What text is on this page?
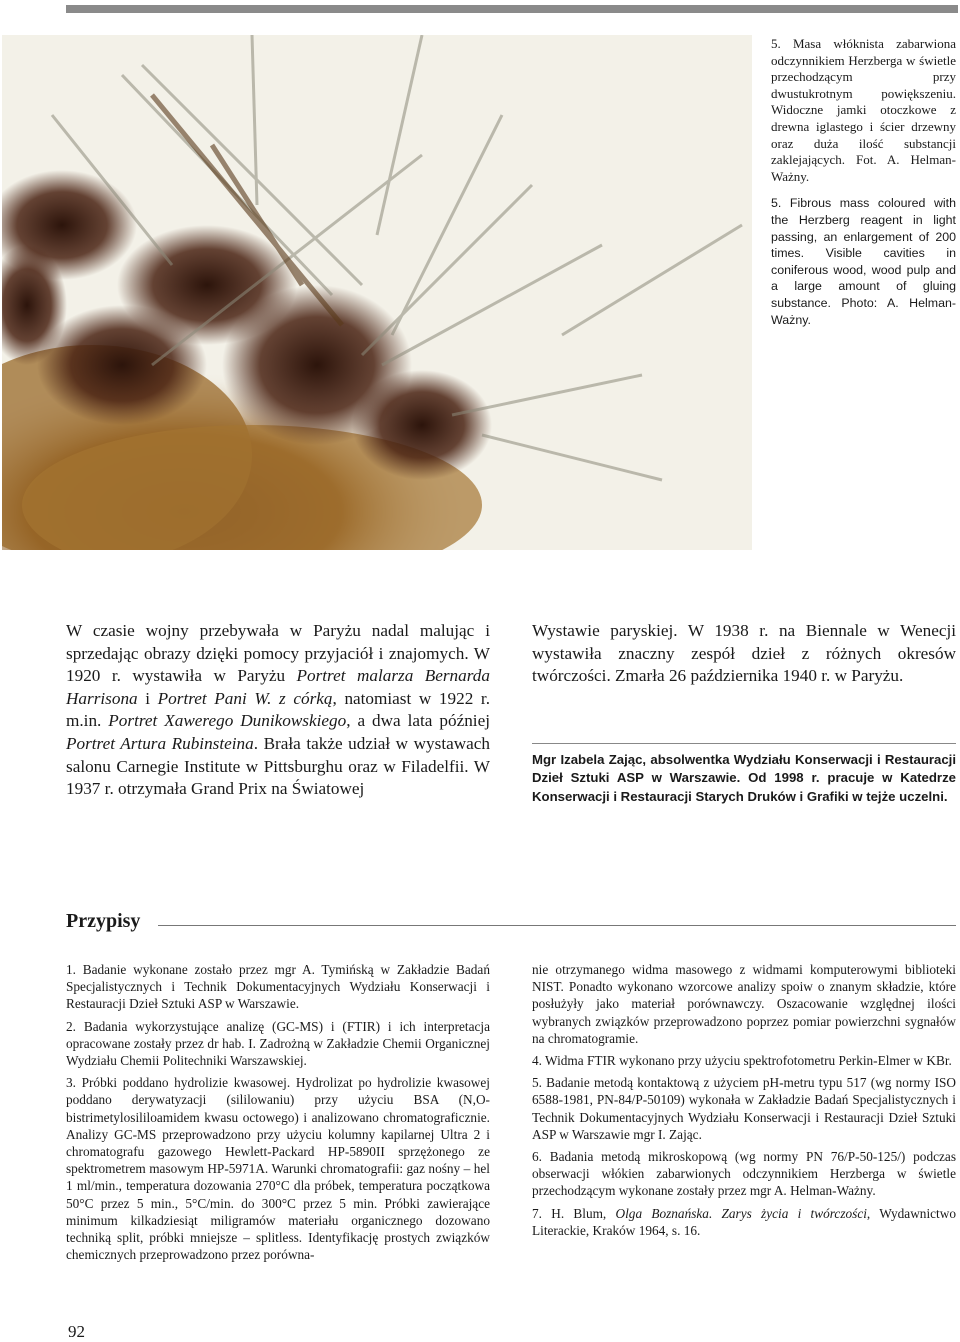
5. Masa włóknista zabarwiona odczynnikiem Herzberga w świetle przechodzącym przy dwustukrotnym powiększeniu. Widoczne jamki otoczkowe z drewna iglastego i ścier drzewny oraz duża ilość substancji zaklejających. Fot. A. Helman-Ważny.

5. Fibrous mass coloured with the Herzberg reagent in light passing, an enlargement of 200 times. Visible cavities in coniferous wood, wood pulp and a large amount of gluing substance. Photo: A. Helman-Ważny.

W czasie wojny przebywała w Paryżu nadal malując i sprzedając obrazy dzięki pomocy przyjaciół i znajomych. W 1920 r. wystawiła w Paryżu Portret malarza Bernarda Harrisona i Portret Pani W. z córką, natomiast w 1922 r. m.in. Portret Xawerego Dunikowskiego, a dwa lata później Portret Artura Rubinsteina. Brała także udział w wystawach salonu Carnegie Institute w Pittsburghu oraz w Filadelfii. W 1937 r. otrzymała Grand Prix na Światowej

Wystawie paryskiej. W 1938 r. na Biennale w Wenecji wystawiła znaczny zespół dzieł z różnych okresów twórczości. Zmarła 26 października 1940 r. w Paryżu.

Mgr Izabela Zając, absolwentka Wydziału Konserwacji i Restauracji Dzieł Sztuki ASP w Warszawie. Od 1998 r. pracuje w Katedrze Konserwacji i Restauracji Starych Druków i Grafiki w tejże uczelni.

Przypisy

1. Badanie wykonane zostało przez mgr A. Tymińską w Zakładzie Badań Specjalistycznych i Technik Dokumentacyjnych Wydziału Konserwacji i Restauracji Dzieł Sztuki ASP w Warszawie.

2. Badania wykorzystujące analizę (GC-MS) i (FTIR) i ich interpretacja opracowane zostały przez dr hab. I. Zadrożną w Zakładzie Chemii Organicznej Wydziału Chemii Politechniki Warszawskiej.

3. Próbki poddano hydrolizie kwasowej. Hydrolizat po hydrolizie kwasowej poddano derywatyzacji (sililowaniu) przy użyciu BSA (N,O-bistrimetylosililoamidem kwasu octowego) i analizowano chromatograficznie. Analizy GC-MS przeprowadzono przy użyciu kolumny kapilarnej Ultra 2 i chromatografu gazowego Hewlett-Packard HP-5890II sprzężonego ze spektrometrem masowym HP-5971A. Warunki chromatografii: gaz nośny – hel 1 ml/min., temperatura dozowania 270°C dla próbek, temperatura początkowa 50°C przez 5 min., 5°C/min. do 300°C przez 5 min. Próbki zawierające minimum kilkadziesiąt miligramów materiału organicznego dozowano techniką split, próbki mniejsze – splitless. Identyfikację prostych związków chemicznych przeprowadzono przez porówna-

nie otrzymanego widma masowego z widmami komputerowymi biblioteki NIST. Ponadto wykonano wzorcowe analizy spoiw o znanym składzie, które posłużyły jako materiał porównawczy. Oszacowanie względnej ilości wybranych związków przeprowadzono poprzez pomiar powierzchni sygnałów na chromatogramie.

4. Widma FTIR wykonano przy użyciu spektrofotometru Perkin-Elmer w KBr.

5. Badanie metodą kontaktową z użyciem pH-metru typu 517 (wg normy ISO 6588-1981, PN-84/P-50109) wykonała w Zakładzie Badań Specjalistycznych i Technik Dokumentacyjnych Wydziału Konserwacji i Restauracji Dzieł Sztuki ASP w Warszawie mgr I. Zając.

6. Badania metodą mikroskopową (wg normy PN 76/P-50-125/) podczas obserwacji włókien zabarwionych odczynnikiem Herzberga w świetle przechodzącym wykonane zostały przez mgr A. Helman-Ważny.

7. H. Blum, Olga Boznańska. Zarys życia i twórczości, Wydawnictwo Literackie, Kraków 1964, s. 16.

92
